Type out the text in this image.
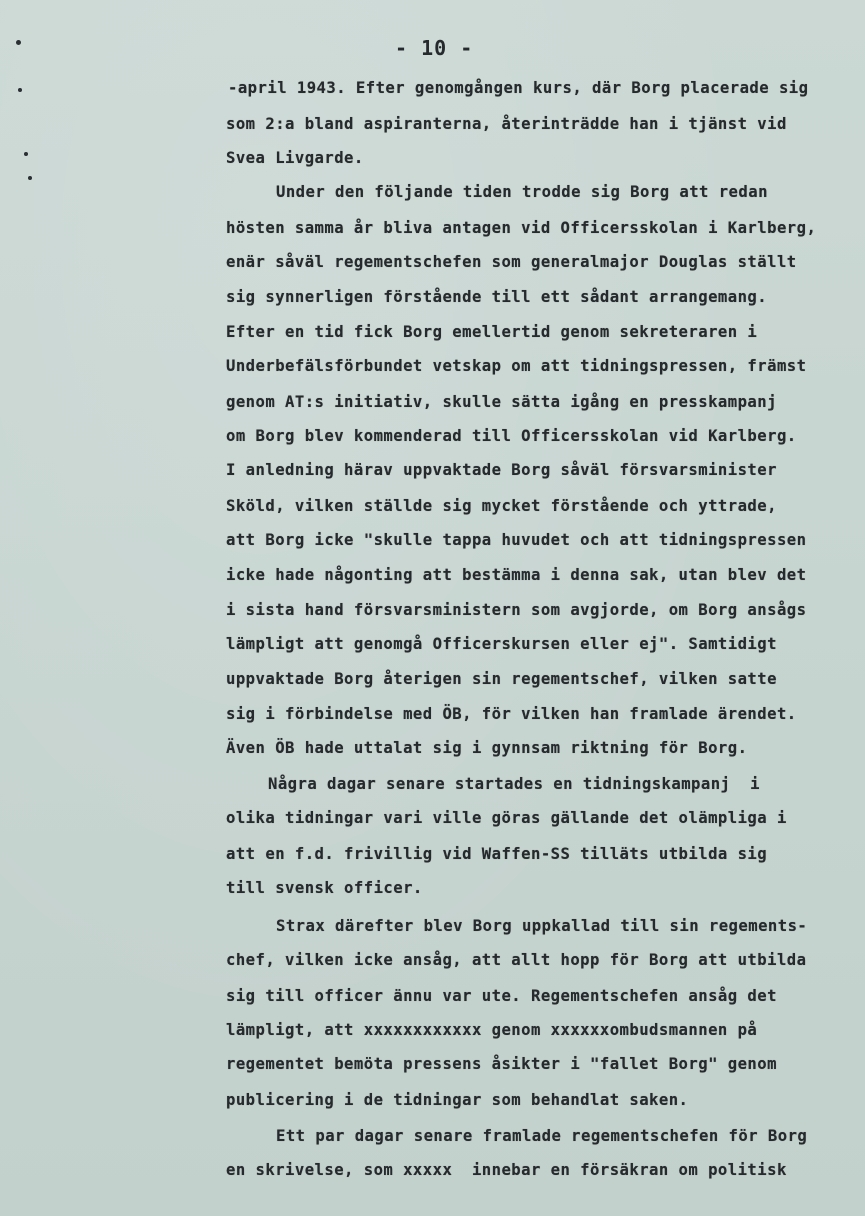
- 10 -
-april 1943. Efter genomgången kurs, där Borg placerade sig
som 2:a bland aspiranterna, återinträdde han i tjänst vid
Svea Livgarde.
Under den följande tiden trodde sig Borg att redan
hösten samma år bliva antagen vid Officersskolan i Karlberg,
enär såväl regementschefen som generalmajor Douglas ställt
sig synnerligen förstående till ett sådant arrangemang.
Efter en tid fick Borg emellertid genom sekreteraren i
Underbefälsförbundet vetskap om att tidningspressen, främst
genom AT:s initiativ, skulle sätta igång en presskampanj
om Borg blev kommenderad till Officersskolan vid Karlberg.
I anledning härav uppvaktade Borg såväl försvarsminister
Sköld, vilken ställde sig mycket förstående och yttrade,
att Borg icke "skulle tappa huvudet och att tidningspressen
icke hade någonting att bestämma i denna sak, utan blev det
i sista hand försvarsministern som avgjorde, om Borg ansågs
lämpligt att genomgå Officerskursen eller ej". Samtidigt
uppvaktade Borg återigen sin regementschef, vilken satte
sig i förbindelse med ÖB, för vilken han framlade ärendet.
Även ÖB hade uttalat sig i gynnsam riktning för Borg.
Några dagar senare startades en tidningskampanj  i
olika tidningar vari ville göras gällande det olämpliga i
att en f.d. frivillig vid Waffen-SS tilläts utbilda sig
till svensk officer.
Strax därefter blev Borg uppkallad till sin regements-
chef, vilken icke ansåg, att allt hopp för Borg att utbilda
sig till officer ännu var ute. Regementschefen ansåg det
lämpligt, att xxxxxxxxxxxx genom xxxxxxombudsmannen på
regementet bemöta pressens åsikter i "fallet Borg" genom
publicering i de tidningar som behandlat saken.
Ett par dagar senare framlade regementschefen för Borg
en skrivelse, som xxxxx  innebar en försäkran om politisk
